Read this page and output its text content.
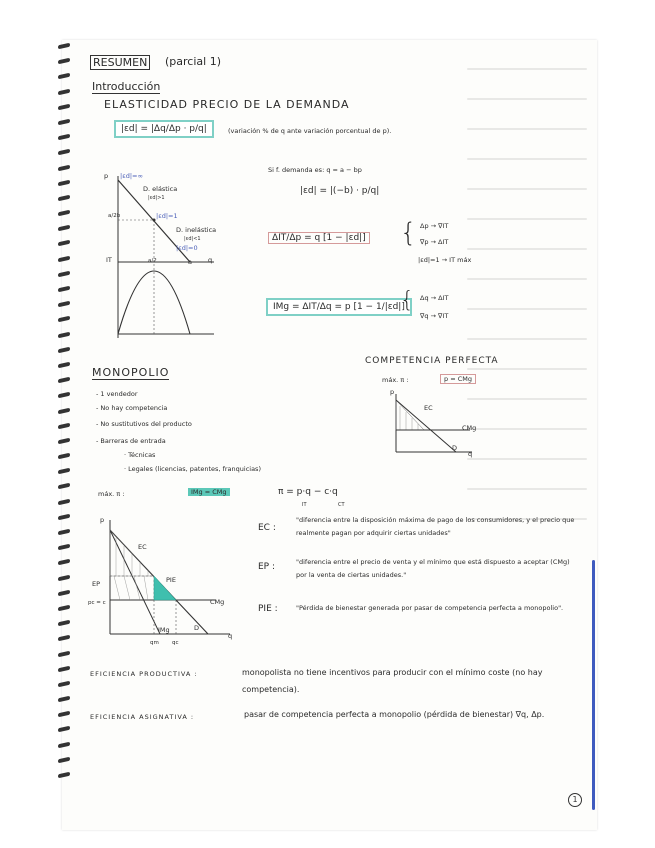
RESUMEN (parcial 1)
Introducción
ELASTICIDAD PRECIO DE LA DEMANDA
|εd| = |Δq/Δp · p/q|	(variación % de q ante variación porcentual de p).
Si f. demanda es: q = a − bp
|εd| = |(−b) · p/q|
ΔIT/Δp = q [1 − |εd|]
IMg = ΔIT/Δq = p [1 − 1/|εd|]
{ Δp → ∇IT
∇p → ΔIT
|εd|=1 → IT máx
{ Δq → ΔIT
∇q → ∇IT
p |εd|=∞
D. elástica
|εd|>1
|εd|=1
D. inelástica
|εd|<1
|εd|=0
a/2b
a/2	a q
IT
COMPETENCIA PERFECTA
máx. π :	p = CMg
p
EC
CMg
D
q
MONOPOLIO
- 1 vendedor
- No hay competencia
- No sustitutivos del producto
- Barreras de entrada
· Técnicas
· Legales (licencias, patentes, franquicias)
máx. π :	IMg = CMg	π = p·q − c·q
IT	CT
p
EC
EP	PIE
CMg
pc = c
D
IMg
qm qc
q
EC :
"diferencia entre la disposición máxima de pago de los consumidores, y el precio que realmente pagan por adquirir ciertas unidades"
EP :	"diferencia entre el precio de venta y el mínimo que está dispuesto a aceptar (CMg) por la venta de ciertas unidades."
PIE :	"Pérdida de bienestar generada por pasar de competencia perfecta a monopolio".
EFICIENCIA PRODUCTIVA :	monopolista no tiene incentivos para producir con el mínimo coste (no hay competencia).
EFICIENCIA ASIGNATIVA :	pasar de competencia perfecta a monopolio (pérdida de bienestar) ∇q, Δp.
1
